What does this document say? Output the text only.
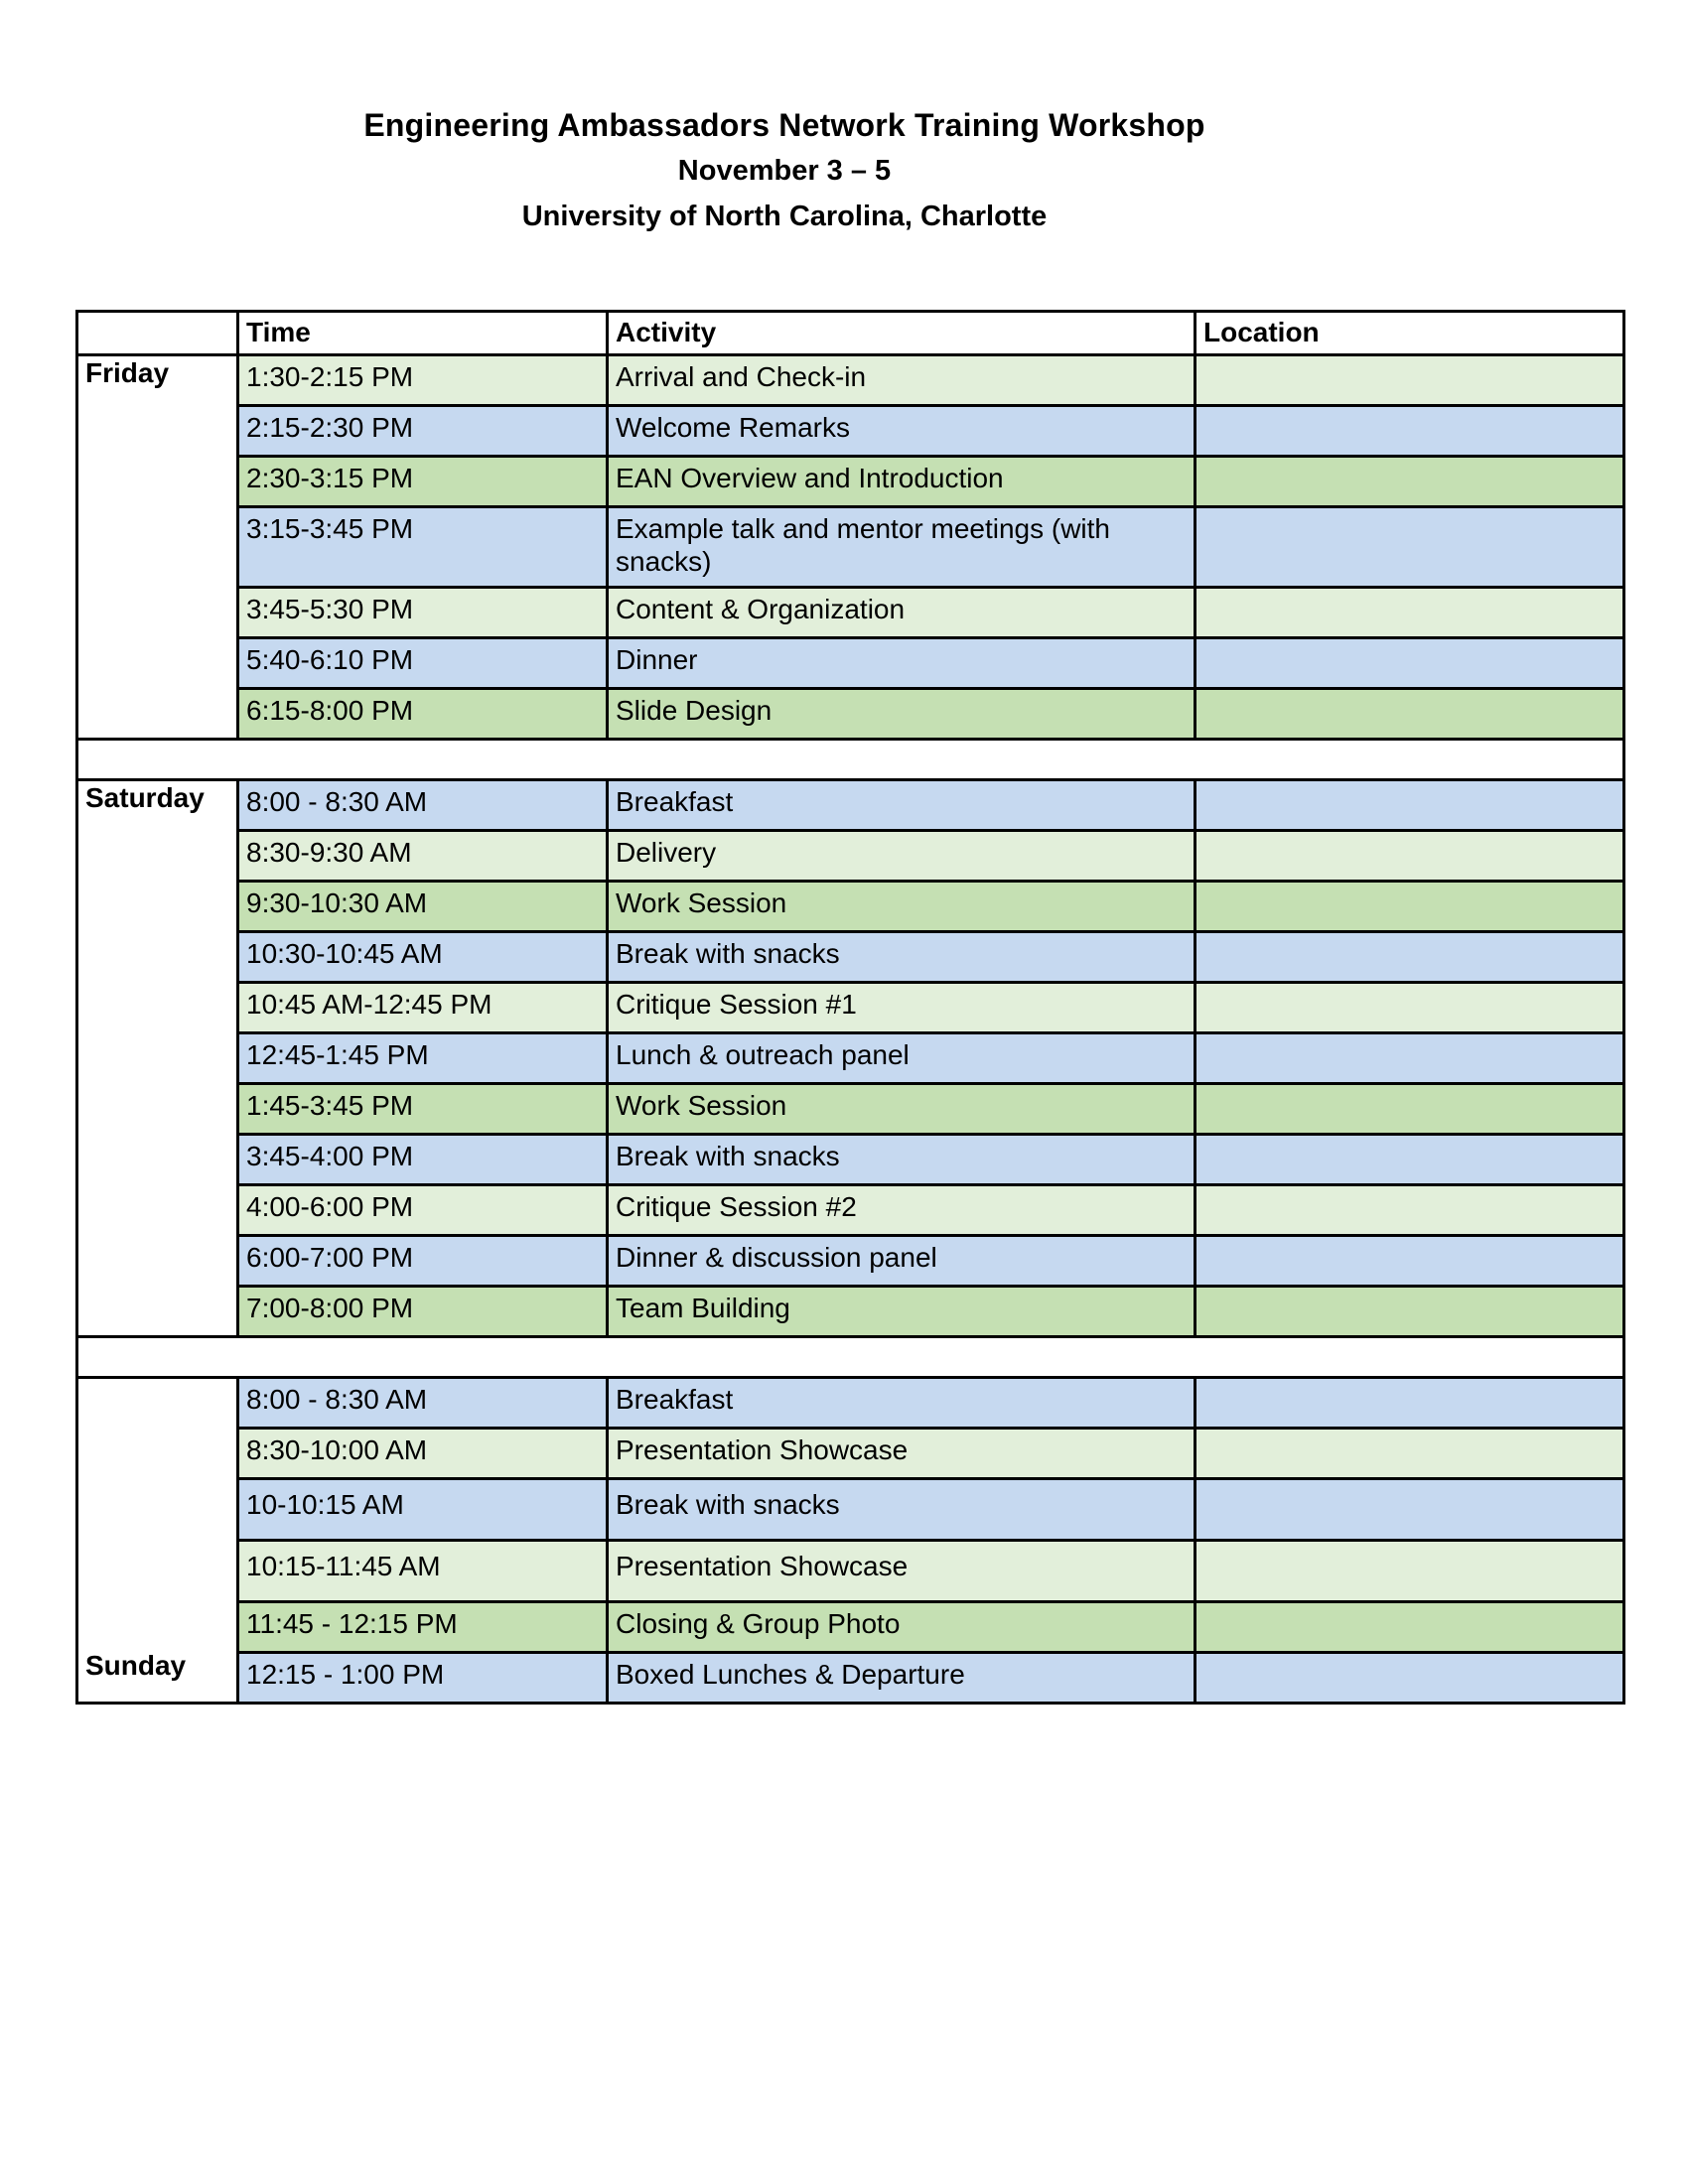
Engineering Ambassadors Network Training Workshop
November 3 – 5
University of North Carolina, Charlotte
	Time	Activity	Location
Friday	1:30-2:15 PM	Arrival and Check-in	
	2:15-2:30 PM	Welcome Remarks	
	2:30-3:15 PM	EAN Overview and Introduction	
	3:15-3:45 PM	Example talk and mentor meetings (with snacks)	
	3:45-5:30 PM	Content & Organization	
	5:40-6:10 PM	Dinner	
	6:15-8:00 PM	Slide Design	

Saturday	8:00 - 8:30 AM	Breakfast	
	8:30-9:30 AM	Delivery	
	9:30-10:30 AM	Work Session	
	10:30-10:45 AM	Break with snacks	
	10:45 AM-12:45 PM	Critique Session #1	
	12:45-1:45 PM	Lunch & outreach panel	
	1:45-3:45 PM	Work Session	
	3:45-4:00 PM	Break with snacks	
	4:00-6:00 PM	Critique Session #2	
	6:00-7:00 PM	Dinner & discussion panel	
	7:00-8:00 PM	Team Building	

Sunday	8:00 - 8:30 AM	Breakfast	
	8:30-10:00 AM	Presentation Showcase	
	10-10:15 AM	Break with snacks	
	10:15-11:45 AM	Presentation Showcase	
	11:45 - 12:15 PM	Closing & Group Photo	
	12:15 - 1:00 PM	Boxed Lunches & Departure	
